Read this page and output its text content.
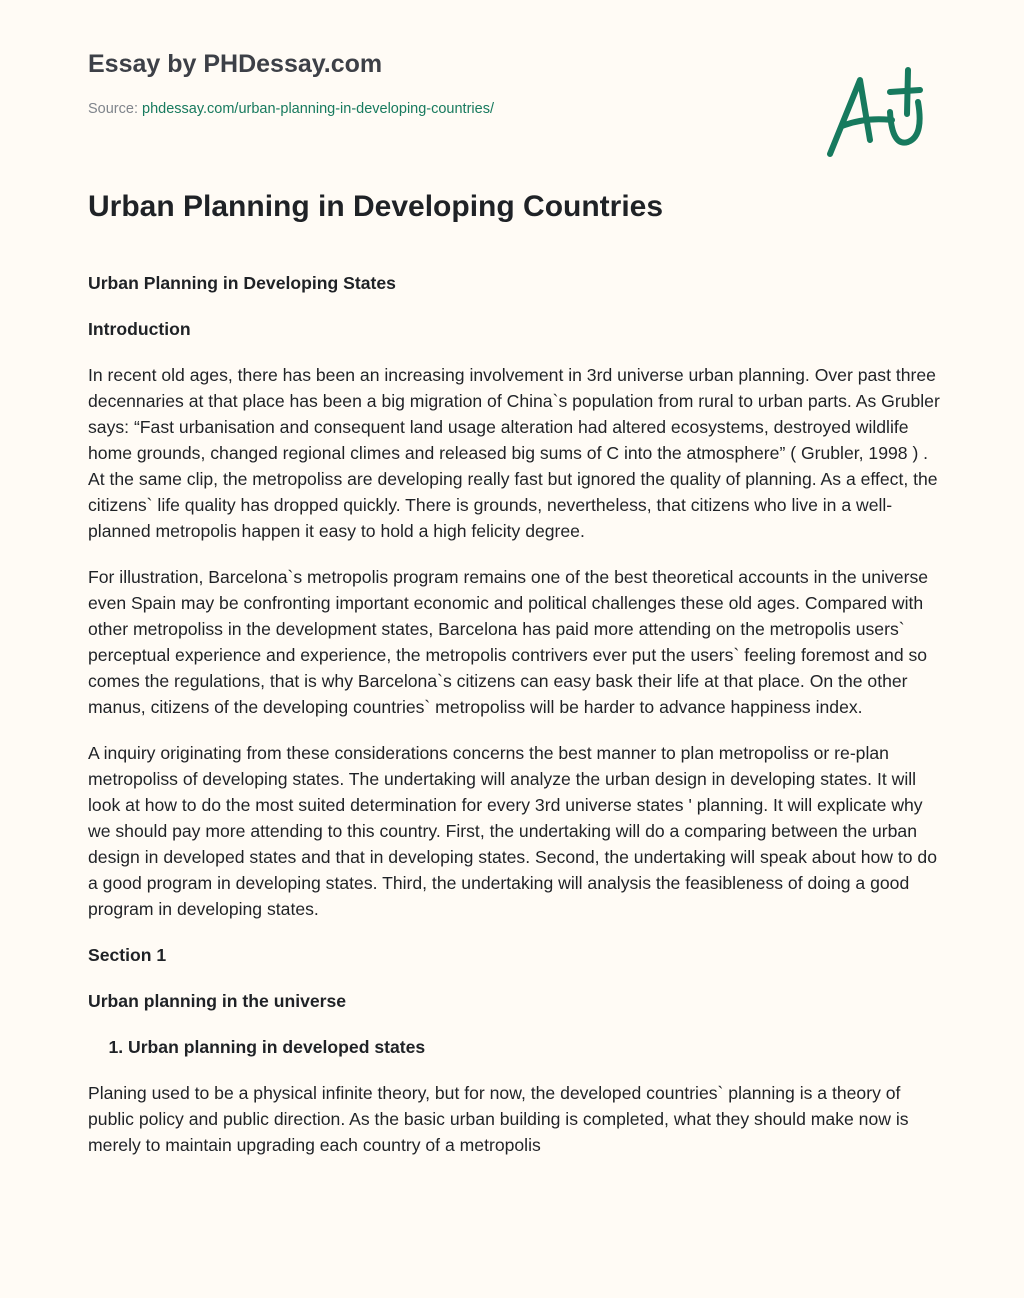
Essay by PHDessay.com
Source: phdessay.com/urban-planning-in-developing-countries/
Urban Planning in Developing Countries
Urban Planning in Developing States
Introduction

In recent old ages, there has been an increasing involvement in 3rd universe urban planning. Over past three decennaries at that place has been a big migration of China`s population from rural to urban parts. As Grubler says: “Fast urbanisation and consequent land usage alteration had altered ecosystems, destroyed wildlife home grounds, changed regional climes and released big sums of C into the atmosphere” ( Grubler, 1998 ) . At the same clip, the metropoliss are developing really fast but ignored the quality of planning. As a effect, the citizens` life quality has dropped quickly. There is grounds, nevertheless, that citizens who live in a well-planned metropolis happen it easy to hold a high felicity degree.

For illustration, Barcelona`s metropolis program remains one of the best theoretical accounts in the universe even Spain may be confronting important economic and political challenges these old ages. Compared with other metropoliss in the development states, Barcelona has paid more attending on the metropolis users` perceptual experience and experience, the metropolis contrivers ever put the users` feeling foremost and so comes the regulations, that is why Barcelona`s citizens can easy bask their life at that place. On the other manus, citizens of the developing countries` metropoliss will be harder to advance happiness index.

A inquiry originating from these considerations concerns the best manner to plan metropoliss or re-plan metropoliss of developing states. The undertaking will analyze the urban design in developing states. It will look at how to do the most suited determination for every 3rd universe states ' planning. It will explicate why we should pay more attending to this country. First, the undertaking will do a comparing between the urban design in developed states and that in developing states. Second, the undertaking will speak about how to do a good program in developing states. Third, the undertaking will analysis the feasibleness of doing a good program in developing states.

Section 1
Urban planning in the universe
1. Urban planning in developed states

Planing used to be a physical infinite theory, but for now, the developed countries` planning is a theory of public policy and public direction. As the basic urban building is completed, what they should make now is merely to maintain upgrading each country of a metropolis
